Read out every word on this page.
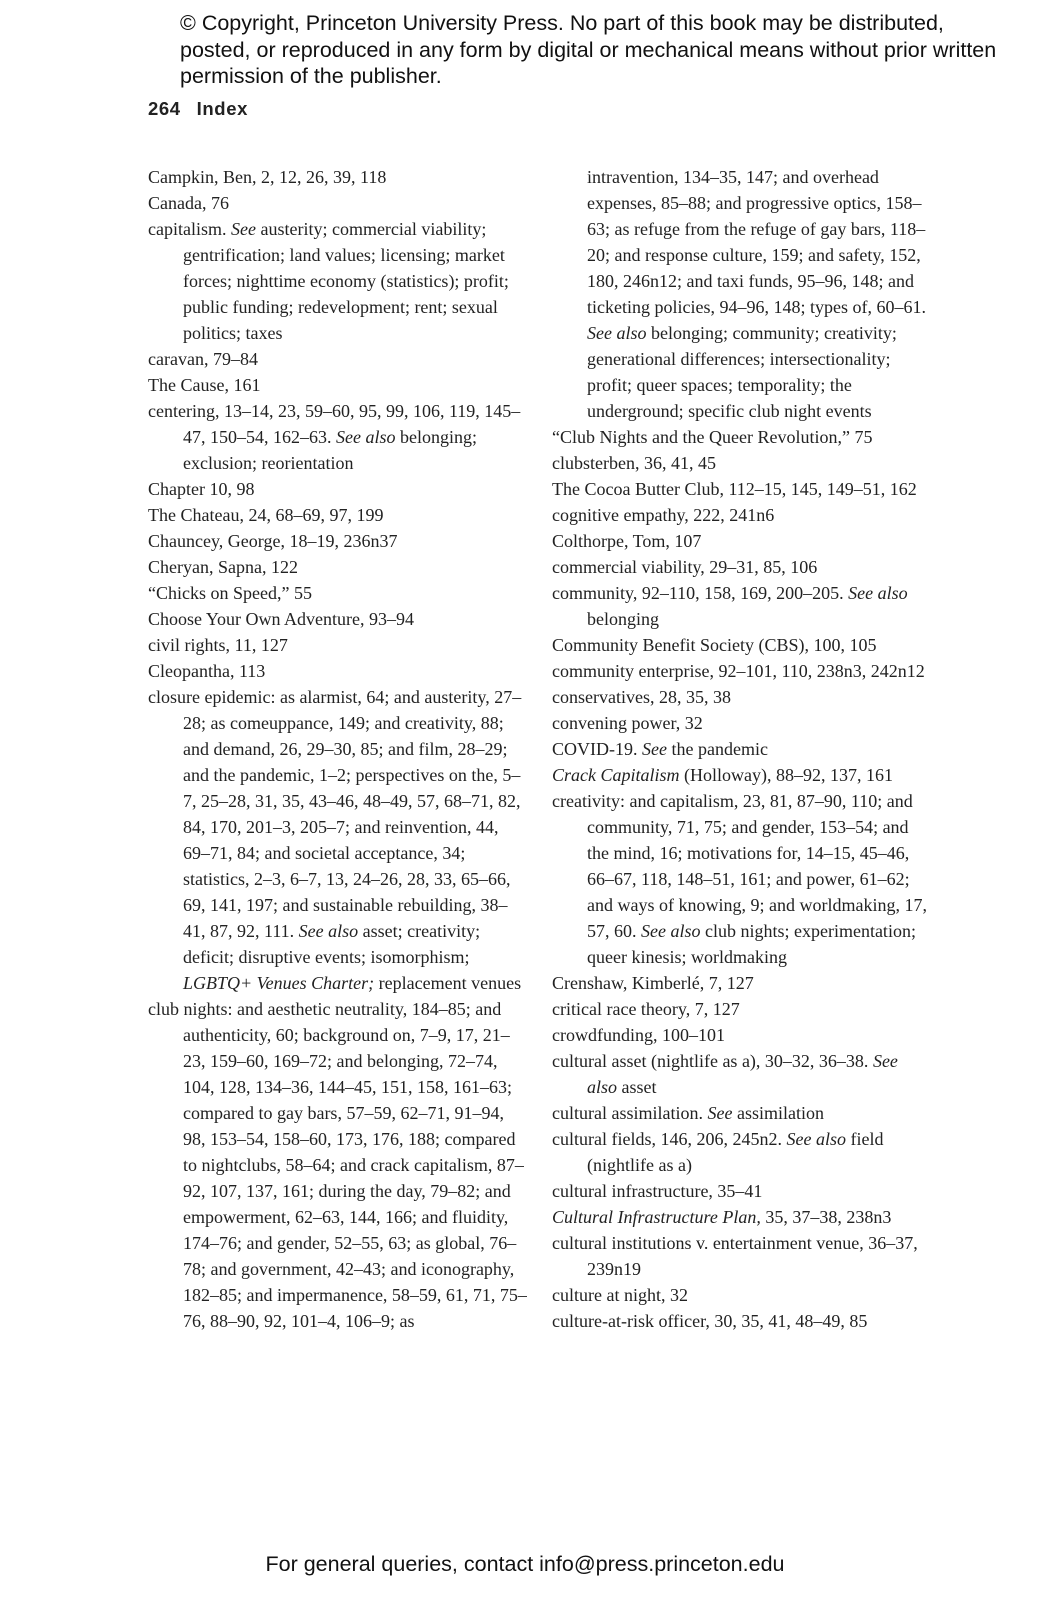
© Copyright, Princeton University Press. No part of this book may be distributed, posted, or reproduced in any form by digital or mechanical means without prior written permission of the publisher.
264 Index

Campkin, Ben, 2, 12, 26, 39, 118

Canada, 76

capitalism. See austerity; commercial viability; gentrification; land values; licensing; market forces; nighttime economy (statistics); profit; public funding; redevelopment; rent; sexual politics; taxes

caravan, 79–84

The Cause, 161

centering, 13–14, 23, 59–60, 95, 99, 106, 119, 145–47, 150–54, 162–63. See also belonging; exclusion; reorientation

Chapter 10, 98

The Chateau, 24, 68–69, 97, 199

Chauncey, George, 18–19, 236n37

Cheryan, Sapna, 122

“Chicks on Speed,” 55

Choose Your Own Adventure, 93–94

civil rights, 11, 127

Cleopantha, 113

closure epidemic: as alarmist, 64; and austerity, 27–28; as comeuppance, 149; and creativity, 88; and demand, 26, 29–30, 85; and film, 28–29; and the pandemic, 1–2; perspectives on the, 5–7, 25–28, 31, 35, 43–46, 48–49, 57, 68–71, 82, 84, 170, 201–3, 205–7; and reinvention, 44, 69–71, 84; and societal acceptance, 34; statistics, 2–3, 6–7, 13, 24–26, 28, 33, 65–66, 69, 141, 197; and sustainable rebuilding, 38–41, 87, 92, 111. See also asset; creativity; deficit; disruptive events; isomorphism; LGBTQ+ Venues Charter; replacement venues

club nights: and aesthetic neutrality, 184–85; and authenticity, 60; background on, 7–9, 17, 21–23, 159–60, 169–72; and belonging, 72–74, 104, 128, 134–36, 144–45, 151, 158, 161–63; compared to gay bars, 57–59, 62–71, 91–94, 98, 153–54, 158–60, 173, 176, 188; compared to nightclubs, 58–64; and crack capitalism, 87–92, 107, 137, 161; during the day, 79–82; and empowerment, 62–63, 144, 166; and fluidity, 174–76; and gender, 52–55, 63; as global, 76–78; and government, 42–43; and iconography, 182–85; and impermanence, 58–59, 61, 71, 75–76, 88–90, 92, 101–4, 106–9; as

intravention, 134–35, 147; and overhead expenses, 85–88; and progressive optics, 158–63; as refuge from the refuge of gay bars, 118–20; and response culture, 159; and safety, 152, 180, 246n12; and taxi funds, 95–96, 148; and ticketing policies, 94–96, 148; types of, 60–61. See also belonging; community; creativity; generational differences; intersectionality; profit; queer spaces; temporality; the underground; specific club night events

“Club Nights and the Queer Revolution,” 75

clubsterben, 36, 41, 45

The Cocoa Butter Club, 112–15, 145, 149–51, 162

cognitive empathy, 222, 241n6

Colthorpe, Tom, 107

commercial viability, 29–31, 85, 106

community, 92–110, 158, 169, 200–205. See also belonging

Community Benefit Society (CBS), 100, 105

community enterprise, 92–101, 110, 238n3, 242n12

conservatives, 28, 35, 38

convening power, 32

COVID-19. See the pandemic

Crack Capitalism (Holloway), 88–92, 137, 161

creativity: and capitalism, 23, 81, 87–90, 110; and community, 71, 75; and gender, 153–54; and the mind, 16; motivations for, 14–15, 45–46, 66–67, 118, 148–51, 161; and power, 61–62; and ways of knowing, 9; and worldmaking, 17, 57, 60. See also club nights; experimentation; queer kinesis; worldmaking

Crenshaw, Kimberlé, 7, 127

critical race theory, 7, 127

crowdfunding, 100–101

cultural asset (nightlife as a), 30–32, 36–38. See also asset

cultural assimilation. See assimilation

cultural fields, 146, 206, 245n2. See also field (nightlife as a)

cultural infrastructure, 35–41

Cultural Infrastructure Plan, 35, 37–38, 238n3

cultural institutions v. entertainment venue, 36–37, 239n19

culture at night, 32

culture-at-risk officer, 30, 35, 41, 48–49, 85

For general queries, contact info@press.princeton.edu
